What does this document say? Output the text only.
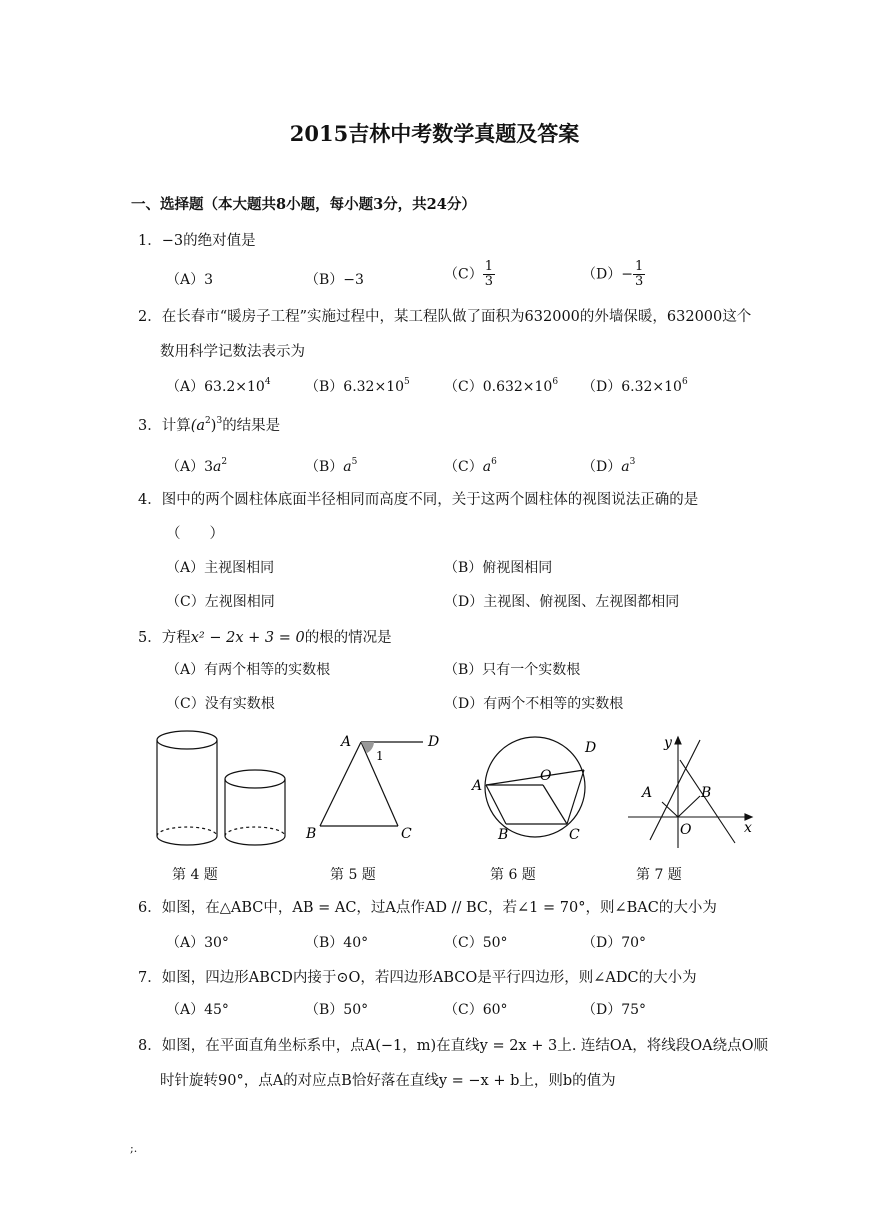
2015吉林中考数学真题及答案
一、选择题（本大题共8小题，每小题3分，共24分）
1．−3的绝对值是
（A）3	（B）−3	$(C) \frac{1}{3}$	$(D)- \frac{1}{3}$
2．在长春市“暖房子工程”实施过程中，某工程队做了面积为632000的外墙保暖，632000这个
数用科学记数法表示为
$(A)63.2\times 10^4$ $(B)6.32\times 10^5$ $(C)0.632\times 10^6$ $(D)6.32\times 10^6$
3．计算$(a^2)^3$的结果是
$(A)3a^2$	$(B)a^5$	$(C)a^6$	$(D)a^3$
4．图中的两个圆柱体底面半径相同而高度不同，关于这两个圆柱体的视图说法正确的是
（　　）
（A）主视图相同	（B）俯视图相同
（C）左视图相同	（D）主视图、俯视图、左视图都相同
5．方程x² − 2x + 3 = 0的根的情况是
（A）有两个相等的实数根	（B）只有一个实数根
（C）没有实数根	（D）有两个不相等的实数根
A	D
1
B	C
A
D
O
B	C
y
x
A	B
O
第 4 题	第 5 题	第 6 题	第 7 题
6．如图，在△ABC中，AB = AC，过A点作AD // BC，若∠1 = 70°，则∠BAC的大小为
（A）30°	（B）40°	（C）50°	（D）70°
7．如图，四边形ABCD内接于⊙O，若四边形ABCO是平行四边形，则∠ADC的大小为
（A）45°	（B）50°	（C）60°	（D）75°
8．如图，在平面直角坐标系中，点A(−1，m)在直线y = 2x + 3上. 连结OA，将线段OA绕点O顺
时针旋转90°，点A的对应点B恰好落在直线y = −x + b上，则b的值为
;.
